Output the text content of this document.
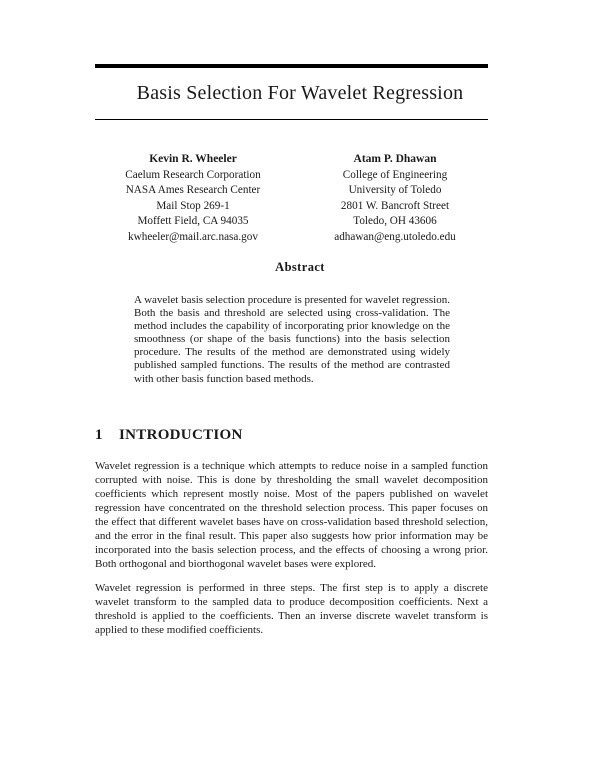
Basis Selection For Wavelet Regression
Kevin R. Wheeler
Caelum Research Corporation
NASA Ames Research Center
Mail Stop 269-1
Moffett Field, CA 94035
kwheeler@mail.arc.nasa.gov
Atam P. Dhawan
College of Engineering
University of Toledo
2801 W. Bancroft Street
Toledo, OH 43606
adhawan@eng.utoledo.edu
Abstract
A wavelet basis selection procedure is presented for wavelet regression. Both the basis and threshold are selected using cross-validation. The method includes the capability of incorporating prior knowledge on the smoothness (or shape of the basis functions) into the basis selection procedure. The results of the method are demonstrated using widely published sampled functions. The results of the method are contrasted with other basis function based methods.
1 INTRODUCTION
Wavelet regression is a technique which attempts to reduce noise in a sampled function corrupted with noise. This is done by thresholding the small wavelet decomposition coefficients which represent mostly noise. Most of the papers published on wavelet regression have concentrated on the threshold selection process. This paper focuses on the effect that different wavelet bases have on cross-validation based threshold selection, and the error in the final result. This paper also suggests how prior information may be incorporated into the basis selection process, and the effects of choosing a wrong prior. Both orthogonal and biorthogonal wavelet bases were explored.
Wavelet regression is performed in three steps. The first step is to apply a discrete wavelet transform to the sampled data to produce decomposition coefficients. Next a threshold is applied to the coefficients. Then an inverse discrete wavelet transform is applied to these modified coefficients.
